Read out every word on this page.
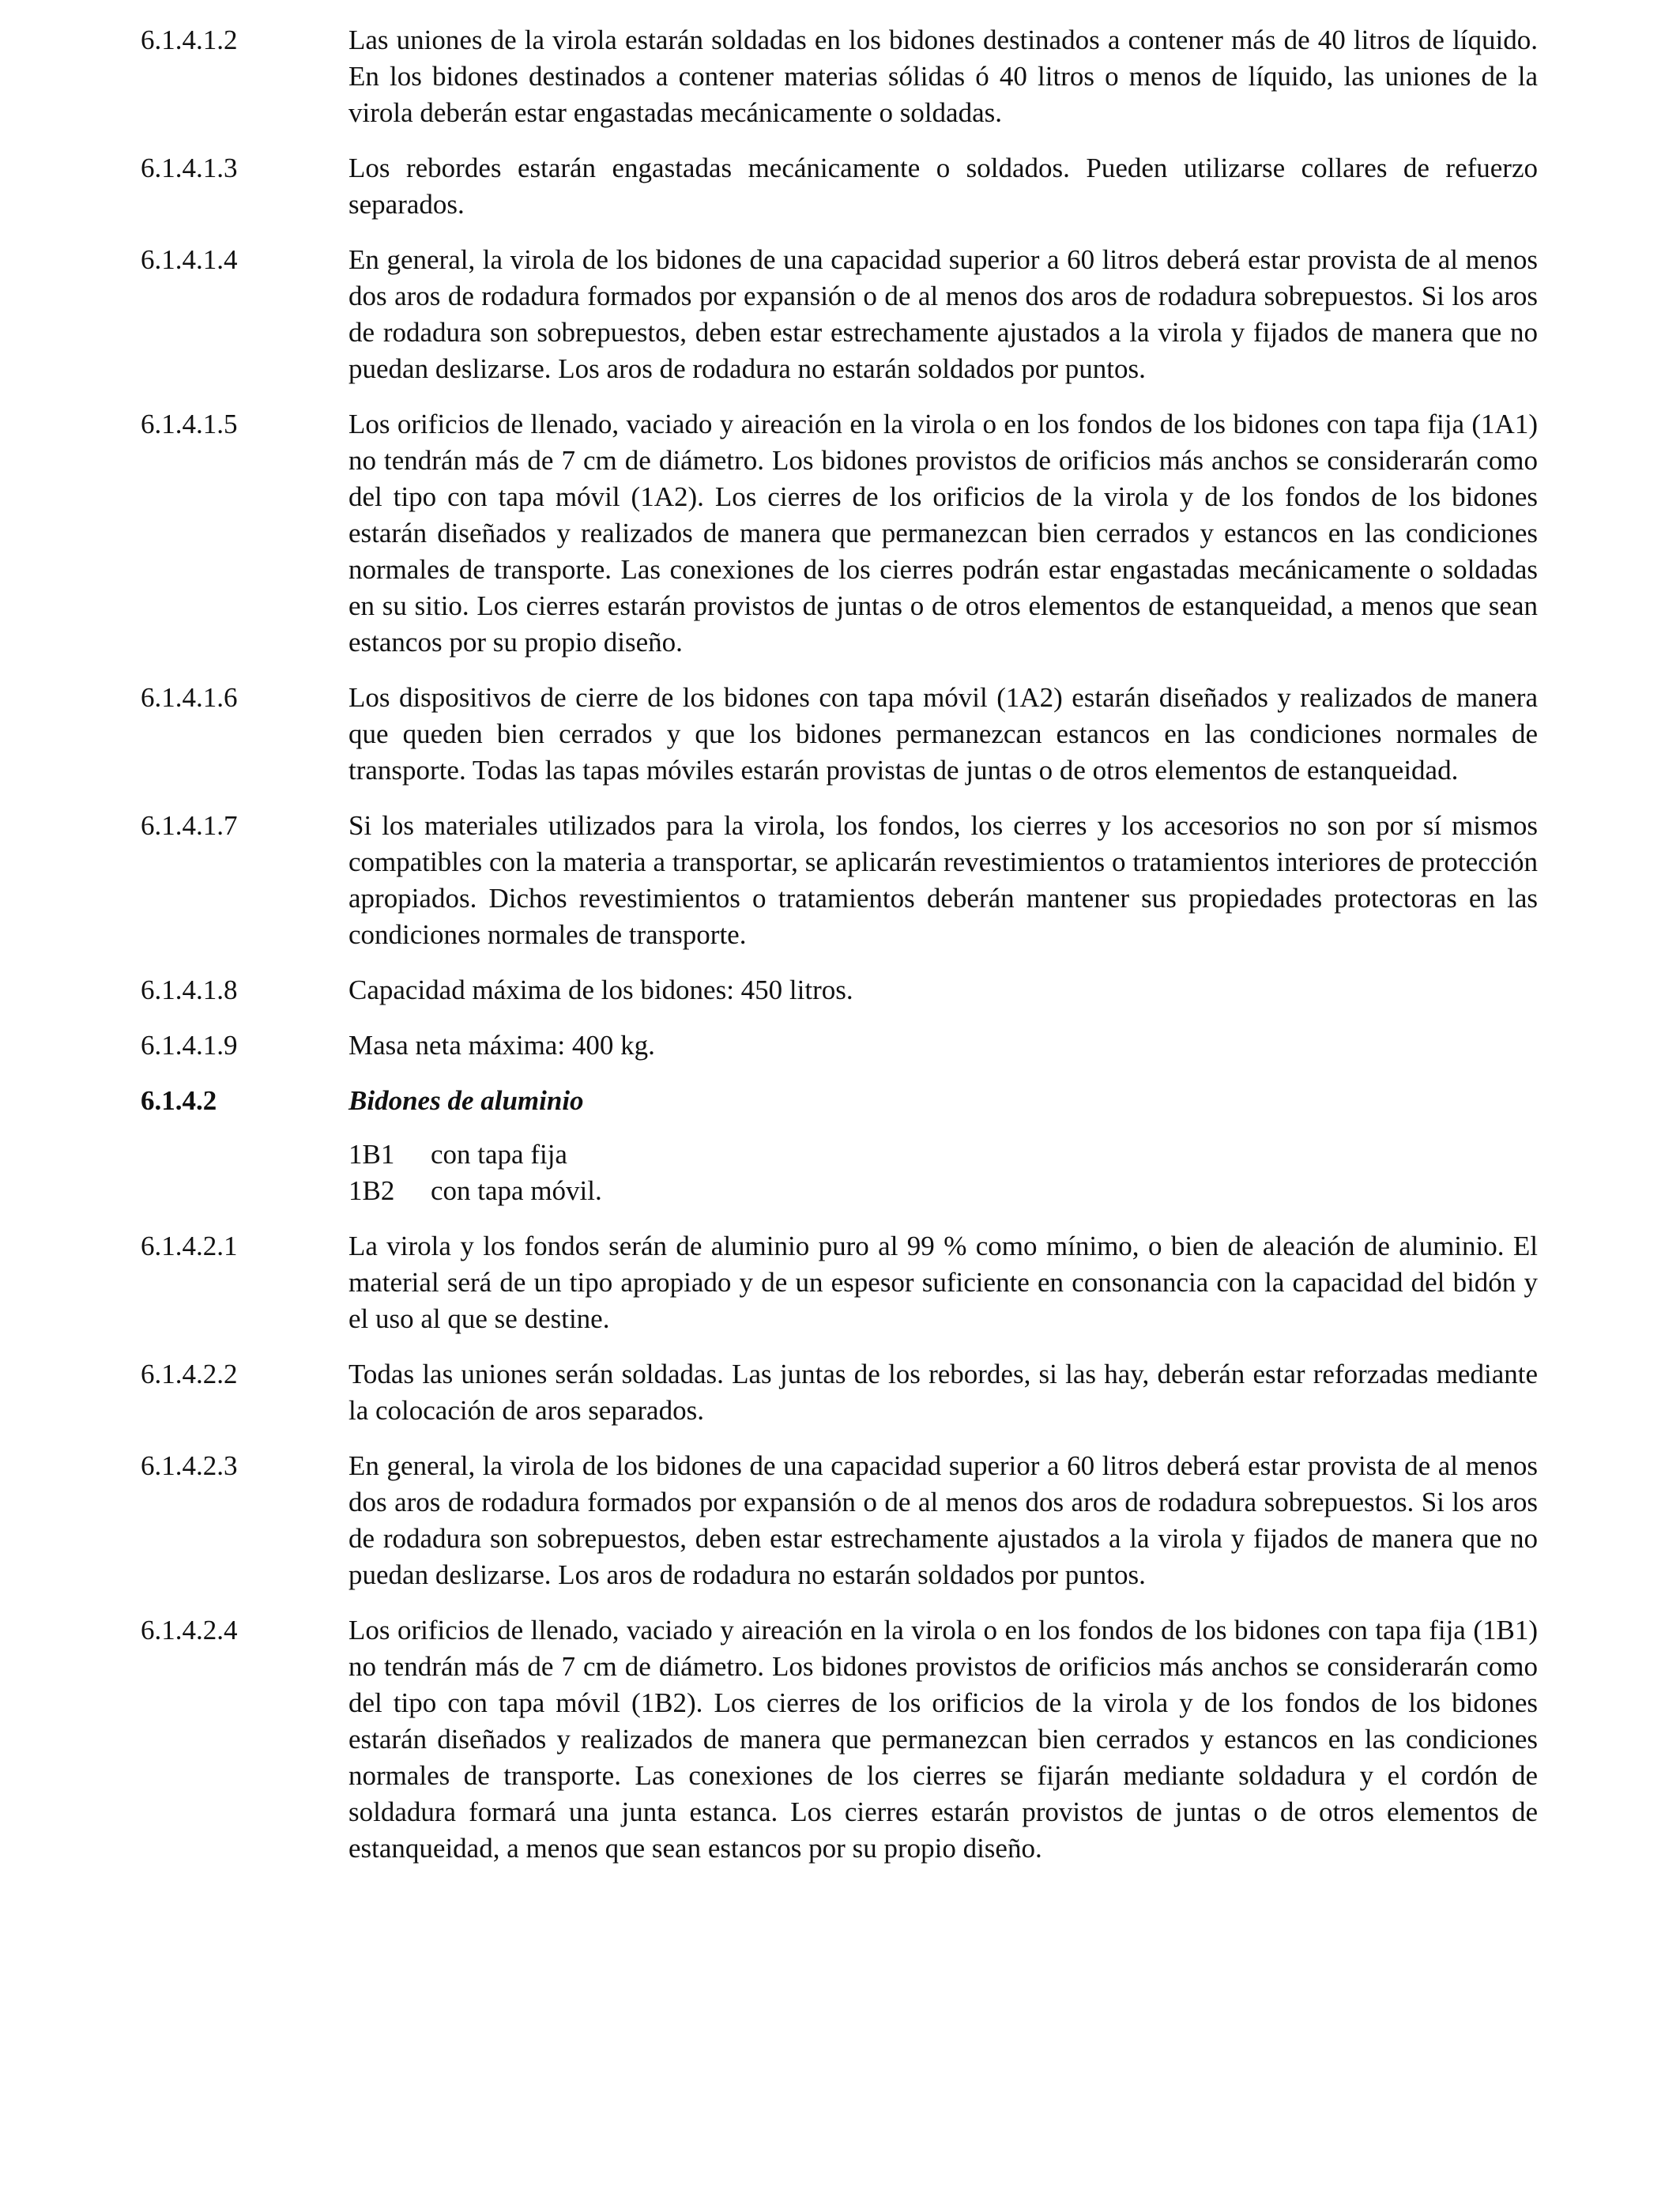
6.1.4.1.2	Las uniones de la virola estarán soldadas en los bidones destinados a contener más de 40 litros de líquido. En los bidones destinados a contener materias sólidas ó 40 litros o menos de líquido, las uniones de la virola deberán estar engastadas mecánicamente o soldadas.
6.1.4.1.3	Los rebordes estarán engastadas mecánicamente o soldados. Pueden utilizarse collares de refuerzo separados.
6.1.4.1.4	En general, la virola de los bidones de una capacidad superior a 60 litros deberá estar provista de al menos dos aros de rodadura formados por expansión o de al menos dos aros de rodadura sobrepuestos. Si los aros de rodadura son sobrepuestos, deben estar estrechamente ajustados a la virola y fijados de manera que no puedan deslizarse. Los aros de rodadura no estarán soldados por puntos.
6.1.4.1.5	Los orificios de llenado, vaciado y aireación en la virola o en los fondos de los bidones con tapa fija (1A1) no tendrán más de 7 cm de diámetro. Los bidones provistos de orificios más anchos se considerarán como del tipo con tapa móvil (1A2). Los cierres de los orificios de la virola y de los fondos de los bidones estarán diseñados y realizados de manera que permanezcan bien cerrados y estancos en las condiciones normales de transporte. Las conexiones de los cierres podrán estar engastadas mecánicamente o soldadas en su sitio. Los cierres estarán provistos de juntas o de otros elementos de estanqueidad, a menos que sean estancos por su propio diseño.
6.1.4.1.6	Los dispositivos de cierre de los bidones con tapa móvil (1A2) estarán diseñados y realizados de manera que queden bien cerrados y que los bidones permanezcan estancos en las condiciones normales de transporte. Todas las tapas móviles estarán provistas de juntas o de otros elementos de estanqueidad.
6.1.4.1.7	Si los materiales utilizados para la virola, los fondos, los cierres y los accesorios no son por sí mismos compatibles con la materia a transportar, se aplicarán revestimientos o tratamientos interiores de protección apropiados. Dichos revestimientos o tratamientos deberán mantener sus propiedades protectoras en las condiciones normales de transporte.
6.1.4.1.8	Capacidad máxima de los bidones: 450 litros.
6.1.4.1.9	Masa neta máxima: 400 kg.
6.1.4.2	Bidones de aluminio
1B1	con tapa fija
1B2	con tapa móvil.
6.1.4.2.1	La virola y los fondos serán de aluminio puro al 99 % como mínimo, o bien de aleación de aluminio. El material será de un tipo apropiado y de un espesor suficiente en consonancia con la capacidad del bidón y el uso al que se destine.
6.1.4.2.2	Todas las uniones serán soldadas. Las juntas de los rebordes, si las hay, deberán estar reforzadas mediante la colocación de aros separados.
6.1.4.2.3	En general, la virola de los bidones de una capacidad superior a 60 litros deberá estar provista de al menos dos aros de rodadura formados por expansión o de al menos dos aros de rodadura sobrepuestos. Si los aros de rodadura son sobrepuestos, deben estar estrechamente ajustados a la virola y fijados de manera que no puedan deslizarse. Los aros de rodadura no estarán soldados por puntos.
6.1.4.2.4	Los orificios de llenado, vaciado y aireación en la virola o en los fondos de los bidones con tapa fija (1B1) no tendrán más de 7 cm de diámetro. Los bidones provistos de orificios más anchos se considerarán como del tipo con tapa móvil (1B2). Los cierres de los orificios de la virola y de los fondos de los bidones estarán diseñados y realizados de manera que permanezcan bien cerrados y estancos en las condiciones normales de transporte. Las conexiones de los cierres se fijarán mediante soldadura y el cordón de soldadura formará una junta estanca. Los cierres estarán provistos de juntas o de otros elementos de estanqueidad, a menos que sean estancos por su propio diseño.
